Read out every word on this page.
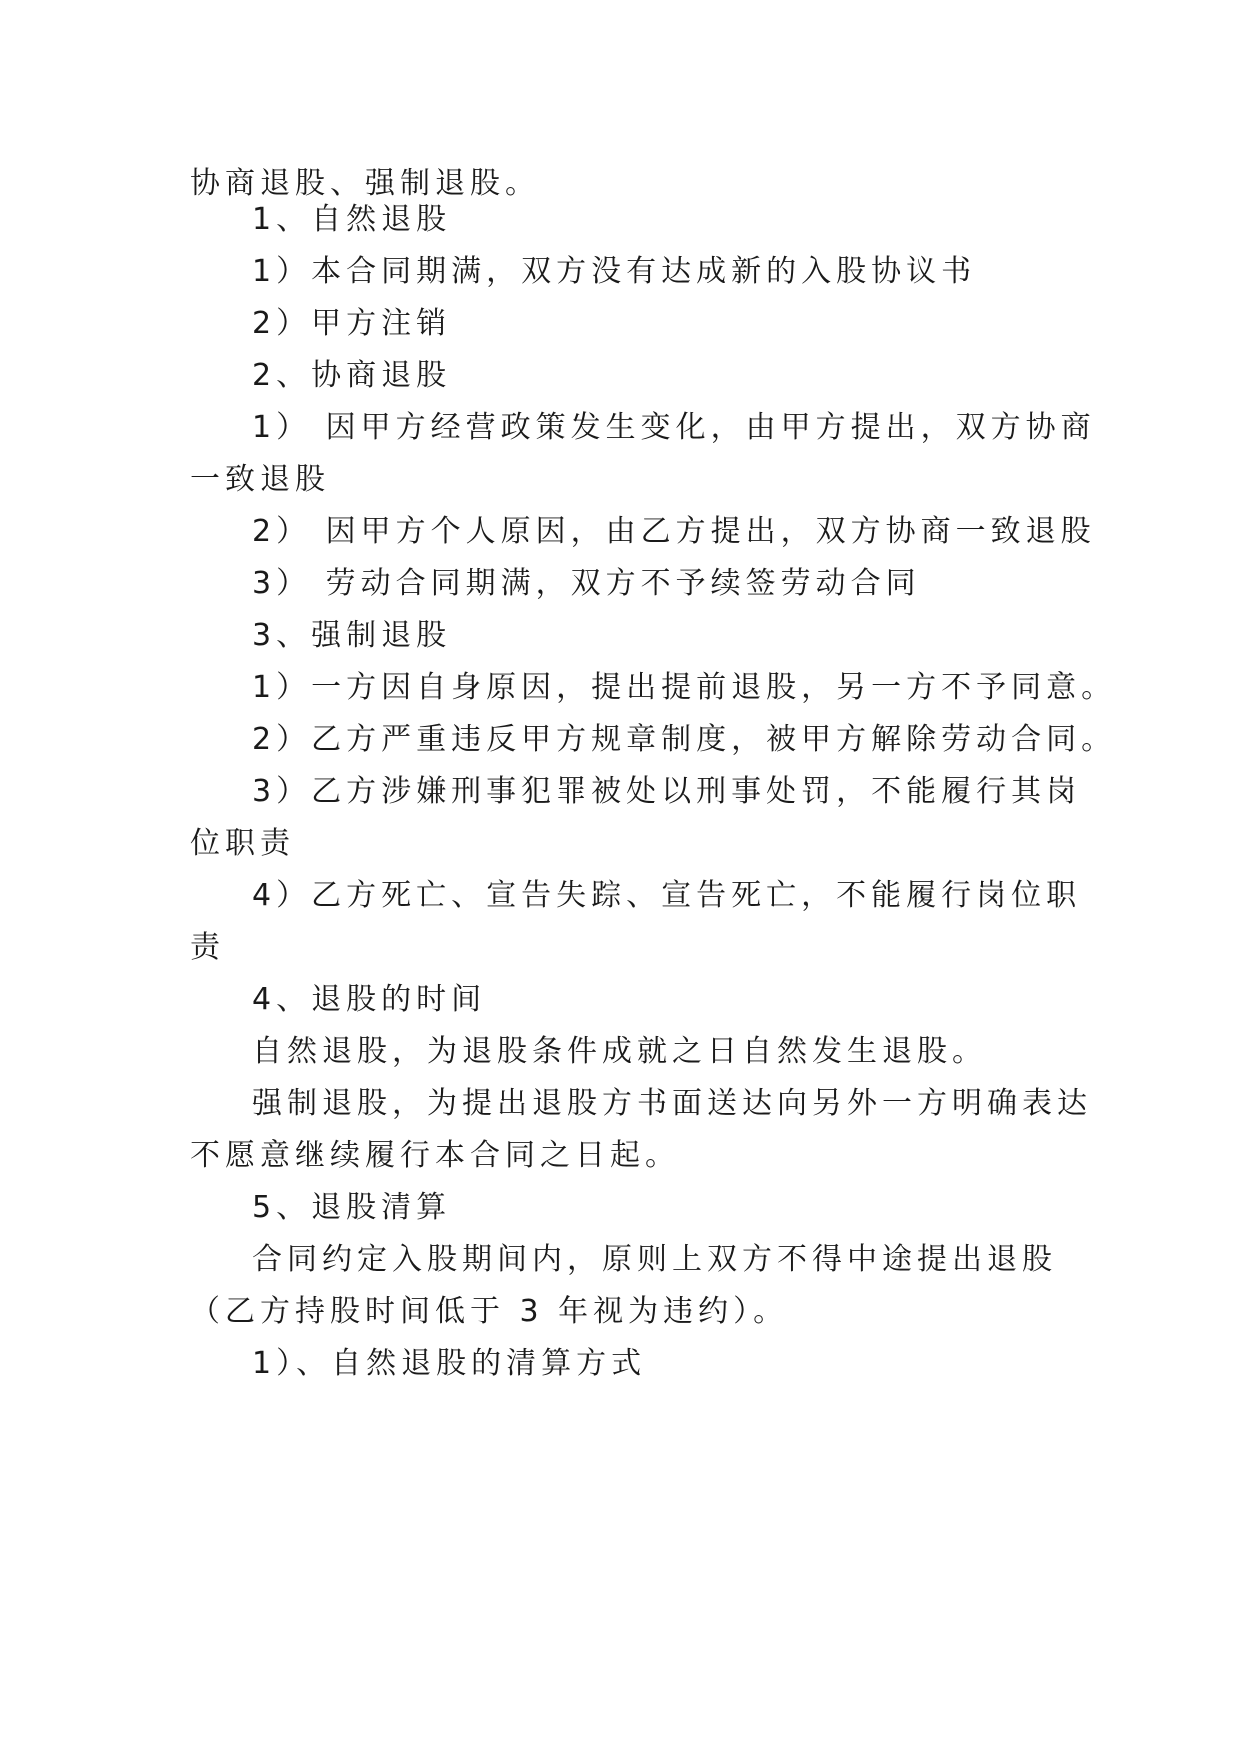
协商退股、强制退股。
1、自然退股
1）本合同期满，双方没有达成新的入股协议书
2）甲方注销
2、协商退股
1） 因甲方经营政策发生变化，由甲方提出，双方协商
一致退股
2） 因甲方个人原因，由乙方提出，双方协商一致退股
3） 劳动合同期满，双方不予续签劳动合同
3、强制退股
1）一方因自身原因，提出提前退股，另一方不予同意。
2）乙方严重违反甲方规章制度，被甲方解除劳动合同。
3）乙方涉嫌刑事犯罪被处以刑事处罚，不能履行其岗
位职责
4）乙方死亡、宣告失踪、宣告死亡，不能履行岗位职
责
4、退股的时间
自然退股，为退股条件成就之日自然发生退股。
强制退股，为提出退股方书面送达向另外一方明确表达
不愿意继续履行本合同之日起。
5、退股清算
合同约定入股期间内，原则上双方不得中途提出退股
（乙方持股时间低于 3 年视为违约）。
1）、自然退股的清算方式
